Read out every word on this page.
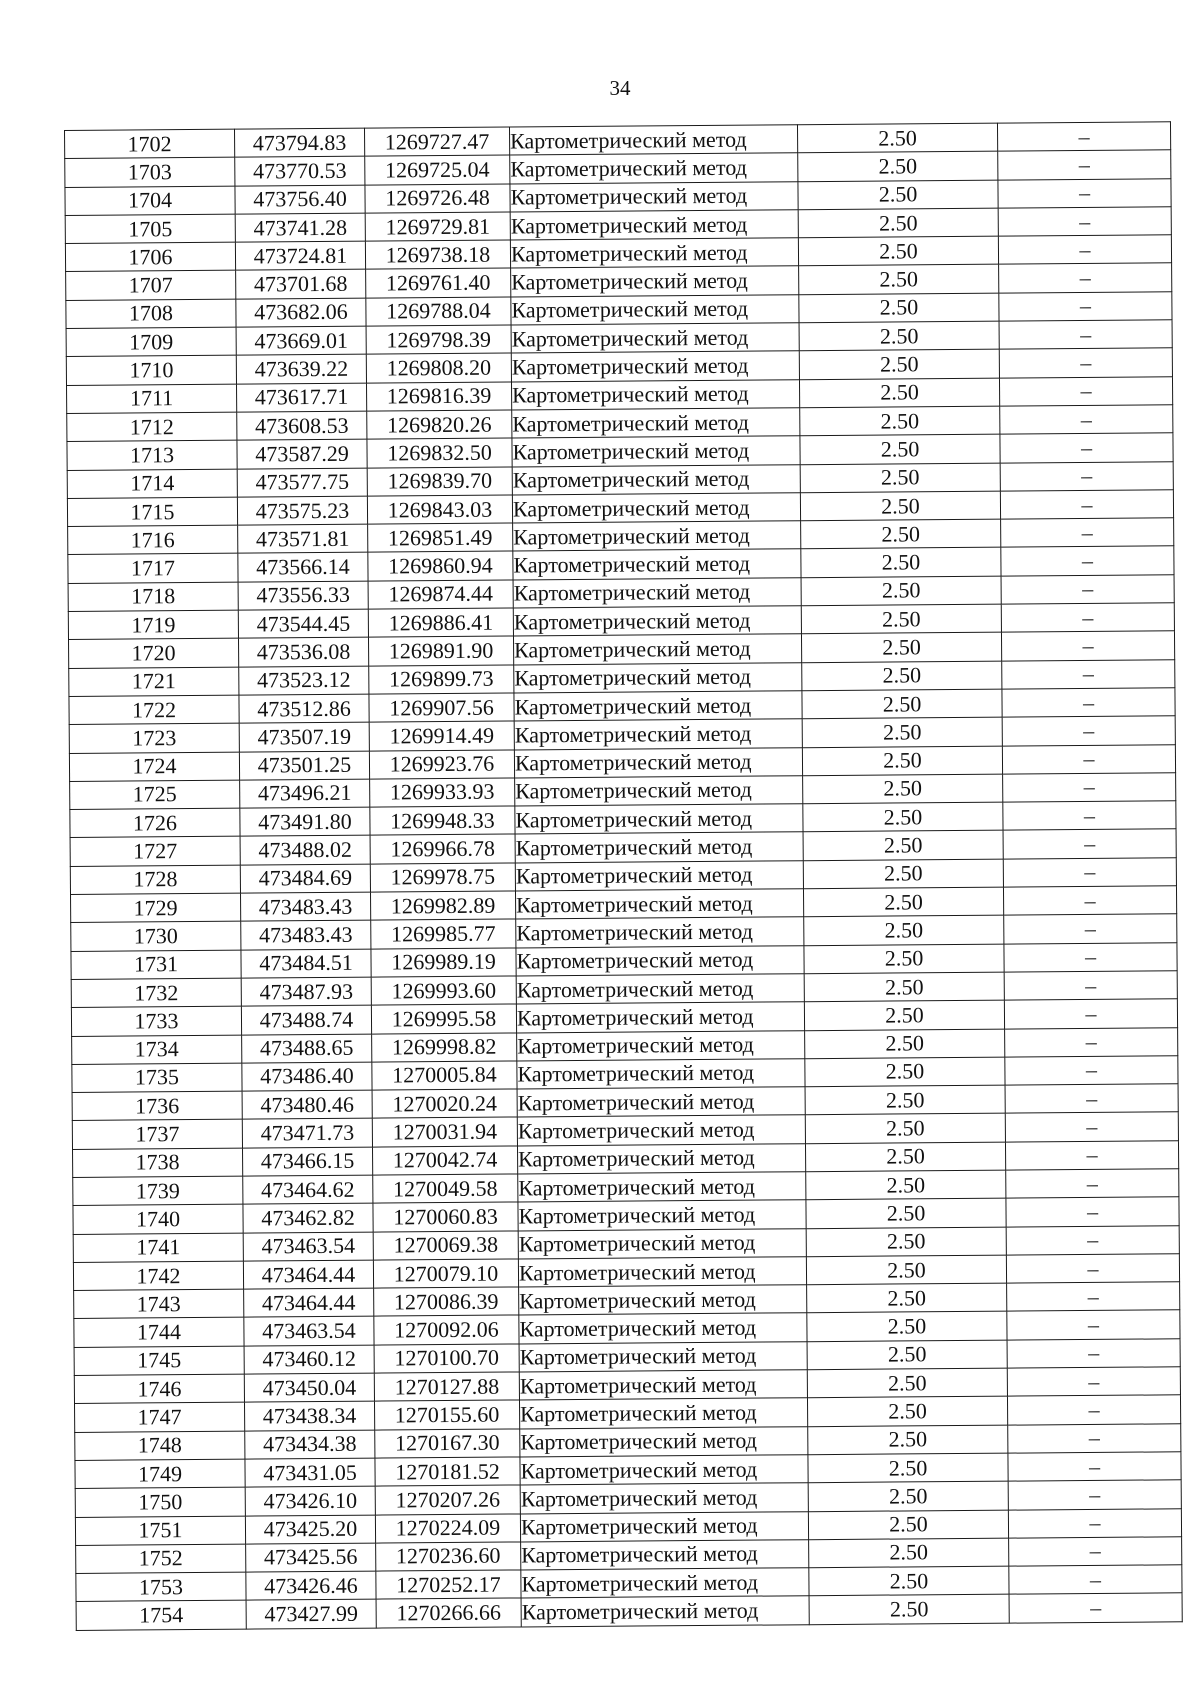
34
1702	473794.83	1269727.47	Картометрический метод	2.50	–
1703	473770.53	1269725.04	Картометрический метод	2.50	–
1704	473756.40	1269726.48	Картометрический метод	2.50	–
1705	473741.28	1269729.81	Картометрический метод	2.50	–
1706	473724.81	1269738.18	Картометрический метод	2.50	–
1707	473701.68	1269761.40	Картометрический метод	2.50	–
1708	473682.06	1269788.04	Картометрический метод	2.50	–
1709	473669.01	1269798.39	Картометрический метод	2.50	–
1710	473639.22	1269808.20	Картометрический метод	2.50	–
1711	473617.71	1269816.39	Картометрический метод	2.50	–
1712	473608.53	1269820.26	Картометрический метод	2.50	–
1713	473587.29	1269832.50	Картометрический метод	2.50	–
1714	473577.75	1269839.70	Картометрический метод	2.50	–
1715	473575.23	1269843.03	Картометрический метод	2.50	–
1716	473571.81	1269851.49	Картометрический метод	2.50	–
1717	473566.14	1269860.94	Картометрический метод	2.50	–
1718	473556.33	1269874.44	Картометрический метод	2.50	–
1719	473544.45	1269886.41	Картометрический метод	2.50	–
1720	473536.08	1269891.90	Картометрический метод	2.50	–
1721	473523.12	1269899.73	Картометрический метод	2.50	–
1722	473512.86	1269907.56	Картометрический метод	2.50	–
1723	473507.19	1269914.49	Картометрический метод	2.50	–
1724	473501.25	1269923.76	Картометрический метод	2.50	–
1725	473496.21	1269933.93	Картометрический метод	2.50	–
1726	473491.80	1269948.33	Картометрический метод	2.50	–
1727	473488.02	1269966.78	Картометрический метод	2.50	–
1728	473484.69	1269978.75	Картометрический метод	2.50	–
1729	473483.43	1269982.89	Картометрический метод	2.50	–
1730	473483.43	1269985.77	Картометрический метод	2.50	–
1731	473484.51	1269989.19	Картометрический метод	2.50	–
1732	473487.93	1269993.60	Картометрический метод	2.50	–
1733	473488.74	1269995.58	Картометрический метод	2.50	–
1734	473488.65	1269998.82	Картометрический метод	2.50	–
1735	473486.40	1270005.84	Картометрический метод	2.50	–
1736	473480.46	1270020.24	Картометрический метод	2.50	–
1737	473471.73	1270031.94	Картометрический метод	2.50	–
1738	473466.15	1270042.74	Картометрический метод	2.50	–
1739	473464.62	1270049.58	Картометрический метод	2.50	–
1740	473462.82	1270060.83	Картометрический метод	2.50	–
1741	473463.54	1270069.38	Картометрический метод	2.50	–
1742	473464.44	1270079.10	Картометрический метод	2.50	–
1743	473464.44	1270086.39	Картометрический метод	2.50	–
1744	473463.54	1270092.06	Картометрический метод	2.50	–
1745	473460.12	1270100.70	Картометрический метод	2.50	–
1746	473450.04	1270127.88	Картометрический метод	2.50	–
1747	473438.34	1270155.60	Картометрический метод	2.50	–
1748	473434.38	1270167.30	Картометрический метод	2.50	–
1749	473431.05	1270181.52	Картометрический метод	2.50	–
1750	473426.10	1270207.26	Картометрический метод	2.50	–
1751	473425.20	1270224.09	Картометрический метод	2.50	–
1752	473425.56	1270236.60	Картометрический метод	2.50	–
1753	473426.46	1270252.17	Картометрический метод	2.50	–
1754	473427.99	1270266.66	Картометрический метод	2.50	–
